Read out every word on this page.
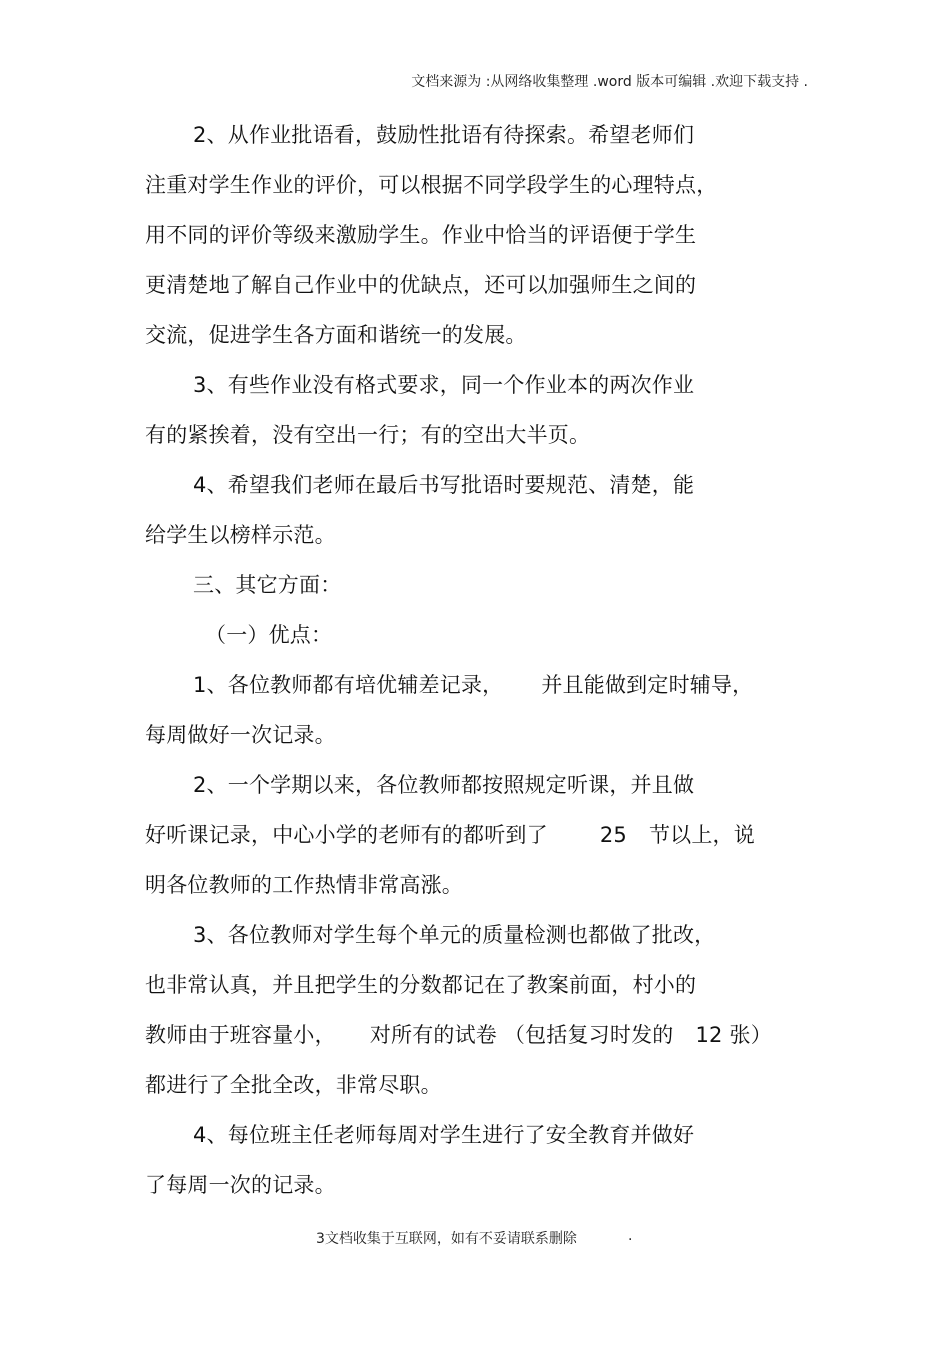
文档来源为 :从网络收集整理 .word 版本可编辑 .欢迎下载支持 .
2、从作业批语看，鼓励性批语有待探索。希望老师们
注重对学生作业的评价，可以根据不同学段学生的心理特点，
用不同的评价等级来激励学生。作业中恰当的评语便于学生
更清楚地了解自己作业中的优缺点，还可以加强师生之间的
交流，促进学生各方面和谐统一的发展。
3、有些作业没有格式要求，同一个作业本的两次作业
有的紧挨着，没有空出一行；有的空出大半页。
4、希望我们老师在最后书写批语时要规范、清楚，能
给学生以榜样示范。
三、其它方面：
（一）优点：
1、各位教师都有培优辅差记录， 并且能做到定时辅导，
每周做好一次记录。
2、一个学期以来，各位教师都按照规定听课，并且做
好听课记录，中心小学的老师有的都听到了 25 节以上，说
明各位教师的工作热情非常高涨。
3、各位教师对学生每个单元的质量检测也都做了批改，
也非常认真，并且把学生的分数都记在了教案前面，村小的
教师由于班容量小， 对所有的试卷 （包括复习时发的 12 张）
都进行了全批全改，非常尽职。
4、每位班主任老师每周对学生进行了安全教育并做好
了每周一次的记录。
3文档收集于互联网，如有不妥请联系删除	.
